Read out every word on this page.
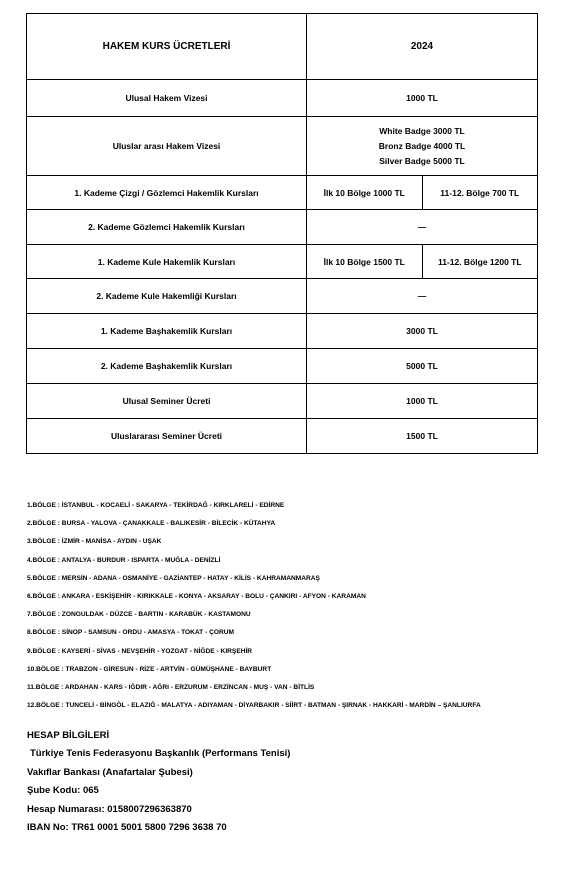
HAKEM KURS ÜCRETLERİ	2024	
Ulusal Hakem Vizesi	1000 TL	
Uluslar arası Hakem Vizesi	White Badge 3000 TL
Bronz Badge 4000 TL
Silver Badge 5000 TL	

1. Kademe Çizgi / Gözlemci Hakemlik Kursları	İlk 10 Bölge 1000 TL	11-12. Bölge 700 TL
2. Kademe Gözlemci Hakemlik Kursları	—	
1. Kademe Kule Hakemlik Kursları	İlk 10 Bölge 1500 TL	11-12. Bölge 1200 TL
2. Kademe Kule Hakemliği Kursları	—	
1. Kademe Başhakemlik Kursları	3000 TL	
2. Kademe Başhakemlik Kursları	5000 TL	
Ulusal Seminer Ücreti	1000 TL	
Uluslararası Seminer Ücreti	1500 TL	
1.BÖLGE : İSTANBUL - KOCAELİ - SAKARYA - TEKİRDAĞ - KIRKLARELİ - EDİRNE
2.BÖLGE : BURSA - YALOVA - ÇANAKKALE - BALIKESİR - BİLECİK - KÜTAHYA
3.BÖLGE : İZMİR - MANİSA - AYDIN - UŞAK
4.BÖLGE : ANTALYA - BURDUR - ISPARTA - MUĞLA - DENİZLİ
5.BÖLGE : MERSİN - ADANA - OSMANİYE - GAZİANTEP - HATAY - KİLİS - KAHRAMANMARAŞ
6.BÖLGE : ANKARA - ESKİŞEHİR - KIRIKKALE - KONYA - AKSARAY - BOLU - ÇANKIRI - AFYON - KARAMAN
7.BÖLGE : ZONGULDAK - DÜZCE - BARTIN - KARABÜK - KASTAMONU
8.BÖLGE : SİNOP - SAMSUN - ORDU - AMASYA - TOKAT - ÇORUM
9.BÖLGE : KAYSERİ - SİVAS - NEVŞEHİR - YOZGAT - NİĞDE - KIRŞEHİR
10.BÖLGE : TRABZON - GİRESUN - RİZE - ARTVİN - GÜMÜŞHANE - BAYBURT
11.BÖLGE : ARDAHAN - KARS - IĞDIR - AĞRI - ERZURUM - ERZİNCAN - MUŞ - VAN - BİTLİS
12.BÖLGE : TUNCELİ - BİNGÖL - ELAZIĞ - MALATYA - ADIYAMAN - DİYARBAKIR - SİİRT - BATMAN - ŞIRNAK - HAKKARİ - MARDİN – ŞANLIURFA
HESAP BİLGİLERİ
Türkiye Tenis Federasyonu Başkanlık (Performans Tenisi)
Vakıflar Bankası (Anafartalar Şubesi)
Şube Kodu: 065
Hesap Numarası: 0158007296363870
IBAN No: TR61 0001 5001 5800 7296 3638 70
